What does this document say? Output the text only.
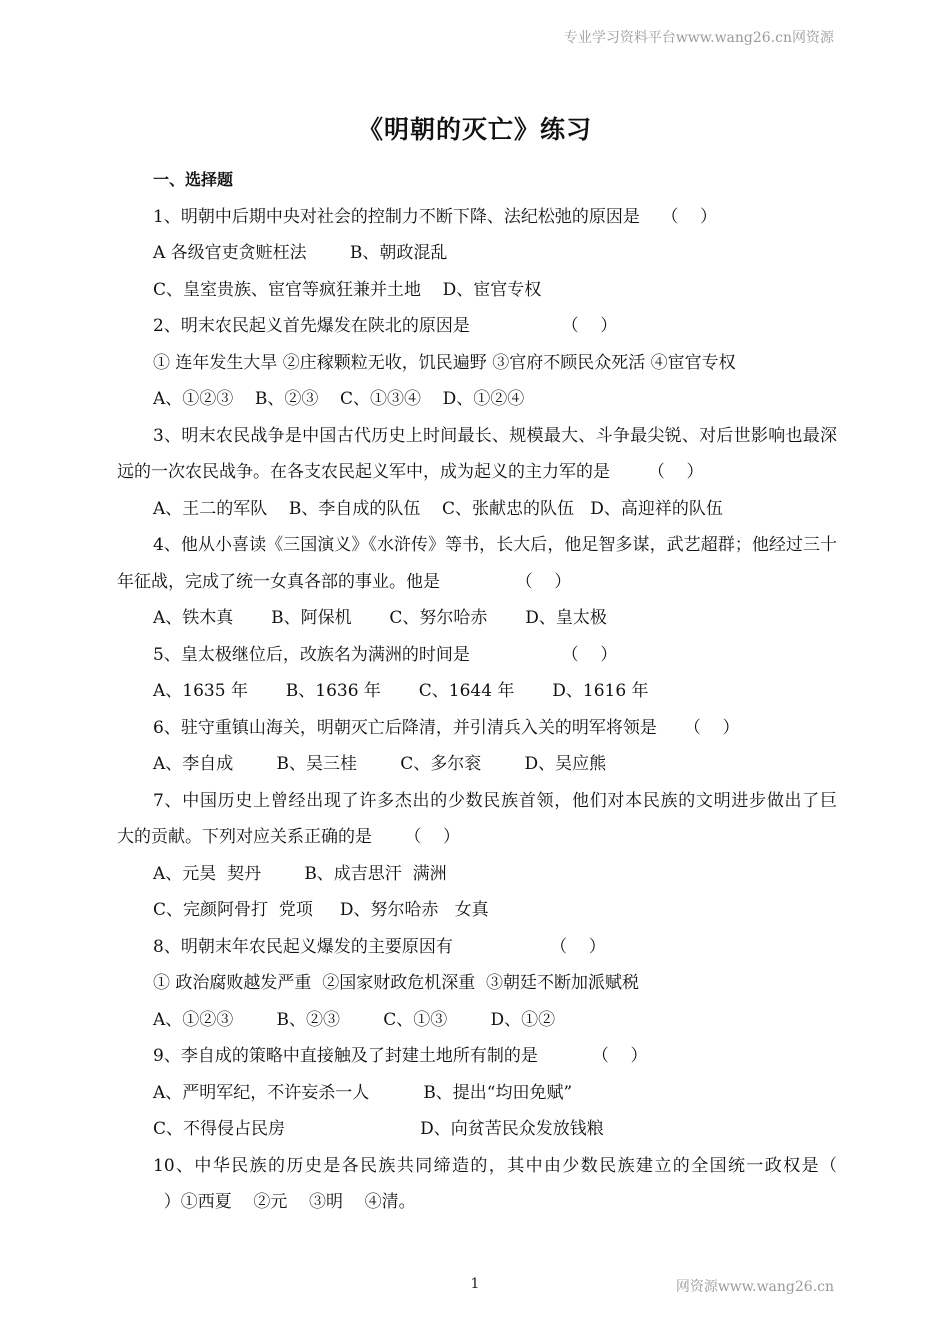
专业学习资料平台www.wang26.cn网资源
《明朝的灭亡》练习
一、选择题
1、明朝中后期中央对社会的控制力不断下降、法纪松弛的原因是    （    ）
A 各级官吏贪赃枉法        B、朝政混乱
C、皇室贵族、宦官等疯狂兼并土地    D、宦官专权
2、明末农民起义首先爆发在陕北的原因是                 （    ）
① 连年发生大旱 ②庄稼颗粒无收，饥民遍野 ③官府不顾民众死活 ④宦官专权
A、①②③    B、②③    C、①③④    D、①②④
3、明末农民战争是中国古代历史上时间最长、规模最大、斗争最尖锐、对后世影响也最深
远的一次农民战争。在各支农民起义军中，成为起义的主力军的是       （    ）
A、王二的军队    B、李自成的队伍    C、张献忠的队伍   D、高迎祥的队伍
4、他从小喜读《三国演义》《水浒传》等书，长大后，他足智多谋，武艺超群；他经过三十
年征战，完成了统一女真各部的事业。他是              （    ）
A、铁木真       B、阿保机       C、努尔哈赤       D、皇太极
5、皇太极继位后，改族名为满洲的时间是                 （    ）
A、1635 年       B、1636 年       C、1644 年       D、1616 年
6、驻守重镇山海关，明朝灭亡后降清，并引清兵入关的明军将领是     （    ）
A、李自成        B、吴三桂        C、多尔衮        D、吴应熊
7、中国历史上曾经出现了许多杰出的少数民族首领，他们对本民族的文明进步做出了巨
大的贡献。下列对应关系正确的是      （    ）
A、元昊  契丹        B、成吉思汗  满洲
C、完颜阿骨打  党项     D、努尔哈赤   女真
8、明朝末年农民起义爆发的主要原因有                  （    ）
① 政治腐败越发严重  ②国家财政危机深重  ③朝廷不断加派赋税
A、①②③        B、②③        C、①③        D、①②
9、李自成的策略中直接触及了封建土地所有制的是          （    ）
A、严明军纪，不许妄杀一人          B、提出“均田免赋”
C、不得侵占民房                         D、向贫苦民众发放钱粮
10、中华民族的历史是各民族共同缔造的，其中由少数民族建立的全国统一政权是（
）①西夏    ②元    ③明    ④清。
1	网资源www.wang26.cn
